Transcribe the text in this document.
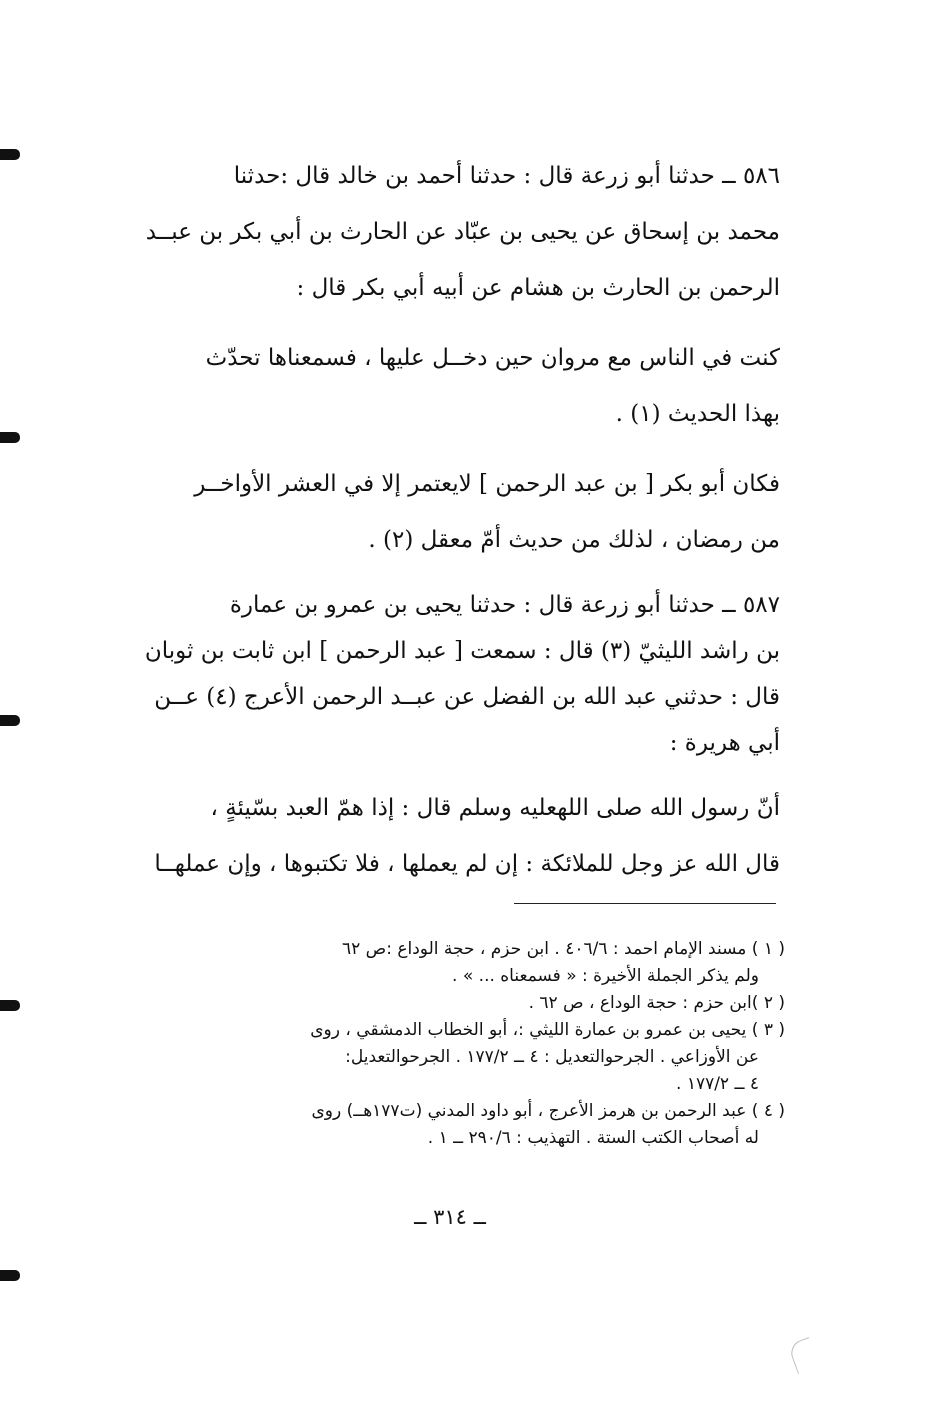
٥٨٦ ــ حدثنا أبو زرعة قال : حدثنا أحمد بن خالد قال :حدثنا
محمد بن إسحاق عن يحيى بن عبّاد عن الحارث بن أبي بكر بن عبــد
الرحمن بن الحارث بن هشام عن أبيه أبي بكر قال :
كنت في الناس مع مروان حين دخــل عليها ، فسمعناها تحدّث
بهذا الحديث (١) .
فكان أبو بكر [ بن عبد الرحمن ] لايعتمر إلا في العشر الأواخــر
من رمضان ، لذلك من حديث أمّ معقل (٢) .
٥٨٧ ــ حدثنا أبو زرعة قال : حدثنا يحيى بن عمرو بن عمارة
بن راشد الليثيّ (٣) قال : سمعت [ عبد الرحمن ] ابن ثابت بن ثوبان
قال : حدثني عبد الله بن الفضل عن عبــد الرحمن الأعرج (٤) عــن
أبي هريرة :
أنّ رسول الله صلى اللهعليه وسلم قال : إذا همّ العبد بسّيئةٍ ،
قال الله عز وجل للملائكة : إن لم يعملها ، فلا تكتبوها ، وإن عملهــا
( ١ ) مسند الإمام احمد : ٤٠٦/٦ . ابن حزم ، حجة الوداع :ص ٦٢
ولم يذكر الجملة الأخيرة : « فسمعناه ... » .
( ٢ )ابن حزم : حجة الوداع ، ص ٦٢ .
( ٣ ) يحيى بن عمرو بن عمارة الليثي :، أبو الخطاب الدمشقي ، روى
عن الأوزاعي . الجرحوالتعديل : ٤ ــ ١٧٧/٢ . الجرحوالتعديل:
٤ ــ ١٧٧/٢ .
( ٤ ) عبد الرحمن بن هرمز الأعرج ، أبو داود المدني (ت١٧٧هــ) روى
له أصحاب الكتب الستة . التهذيب : ٢٩٠/٦ ــ ١ .
ــ ٣١٤ ــ
